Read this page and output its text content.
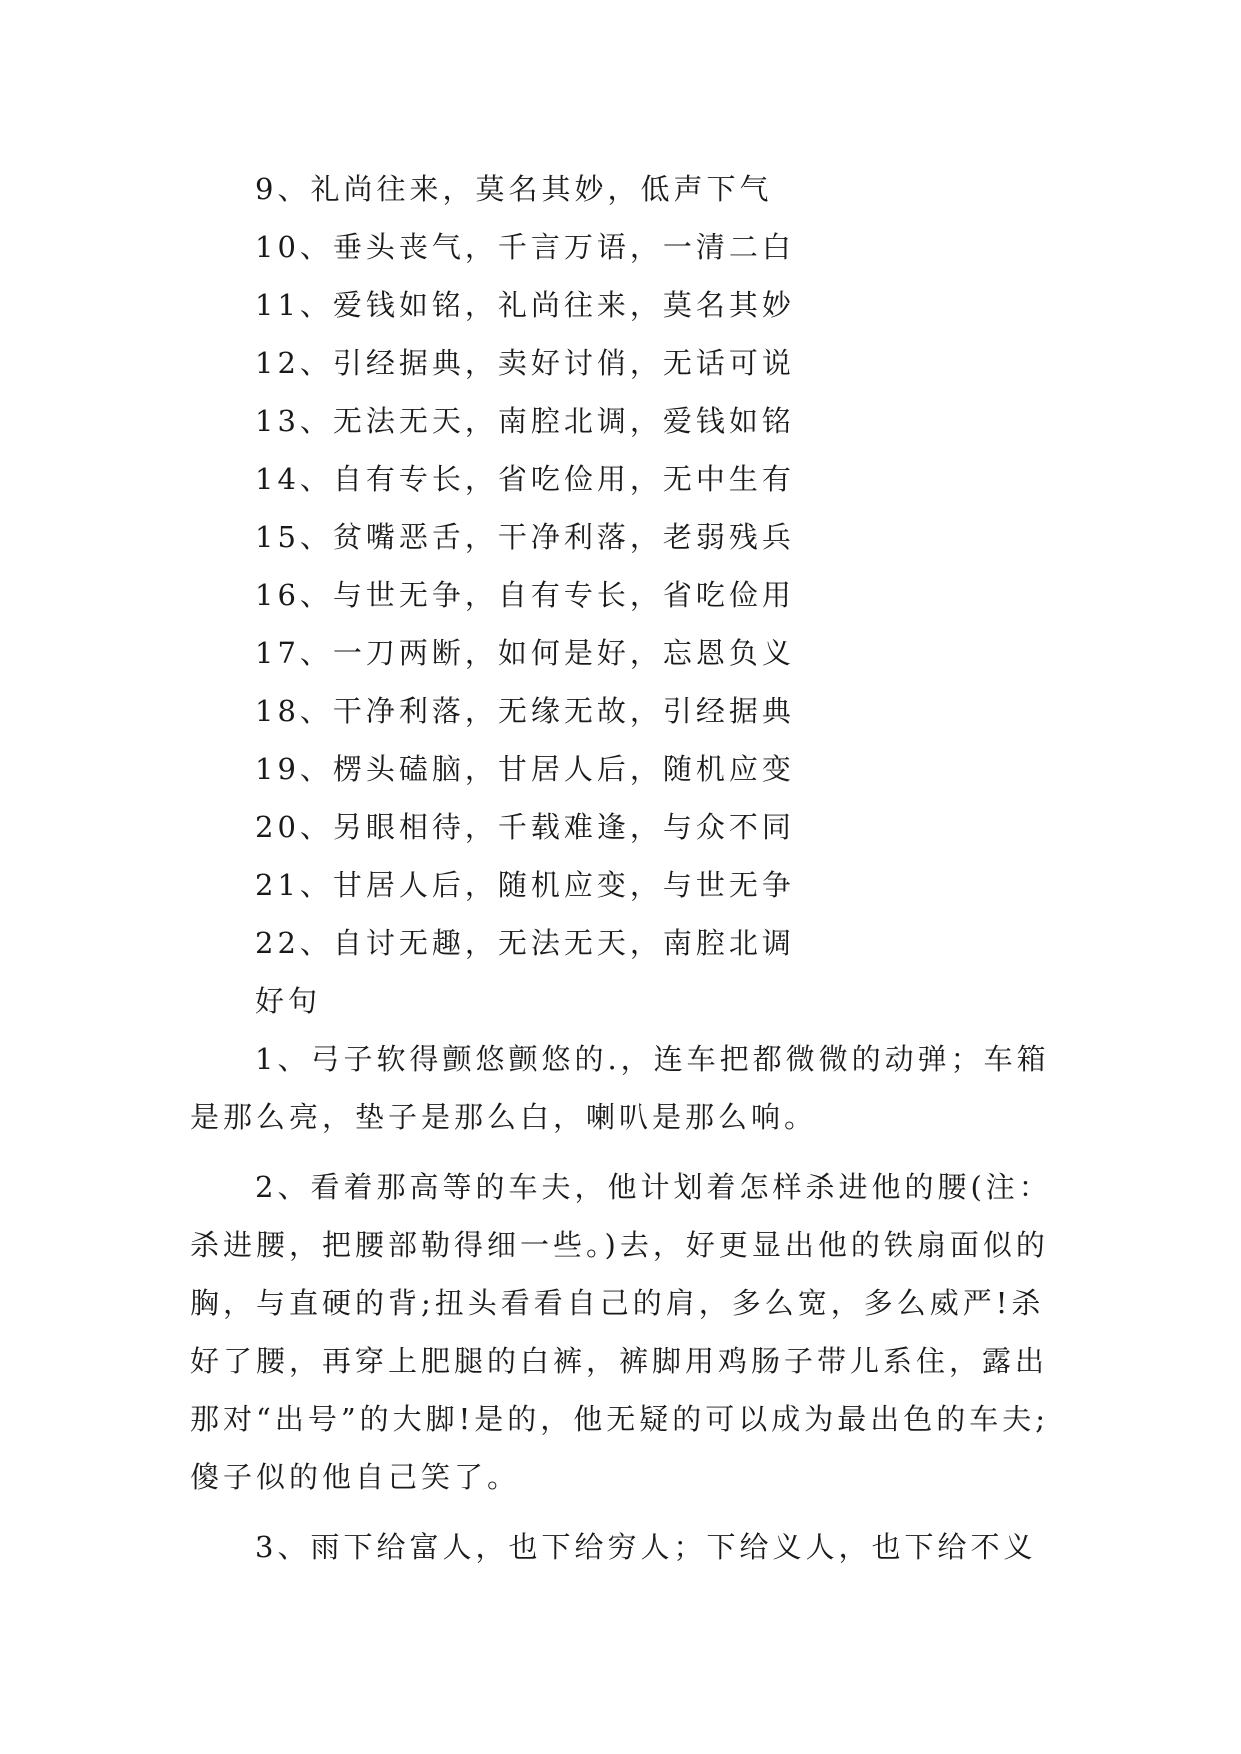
9、礼尚往来，莫名其妙，低声下气
10、垂头丧气，千言万语，一清二白
11、爱钱如铭，礼尚往来，莫名其妙
12、引经据典，卖好讨俏，无话可说
13、无法无天，南腔北调，爱钱如铭
14、自有专长，省吃俭用，无中生有
15、贫嘴恶舌，干净利落，老弱残兵
16、与世无争，自有专长，省吃俭用
17、一刀两断，如何是好，忘恩负义
18、干净利落，无缘无故，引经据典
19、楞头磕脑，甘居人后，随机应变
20、另眼相待，千载难逢，与众不同
21、甘居人后，随机应变，与世无争
22、自讨无趣，无法无天，南腔北调
好句

1、弓子软得颤悠颤悠的.，连车把都微微的动弹；车箱是那么亮，垫子是那么白，喇叭是那么响。

2、看着那高等的车夫，他计划着怎样杀进他的腰(注：杀进腰，把腰部勒得细一些。)去，好更显出他的铁扇面似的胸，与直硬的背;扭头看看自己的肩，多么宽，多么威严!杀好了腰，再穿上肥腿的白裤，裤脚用鸡肠子带儿系住，露出那对“出号”的大脚!是的，他无疑的可以成为最出色的车夫;傻子似的他自己笑了。

3、雨下给富人，也下给穷人；下给义人，也下给不义
